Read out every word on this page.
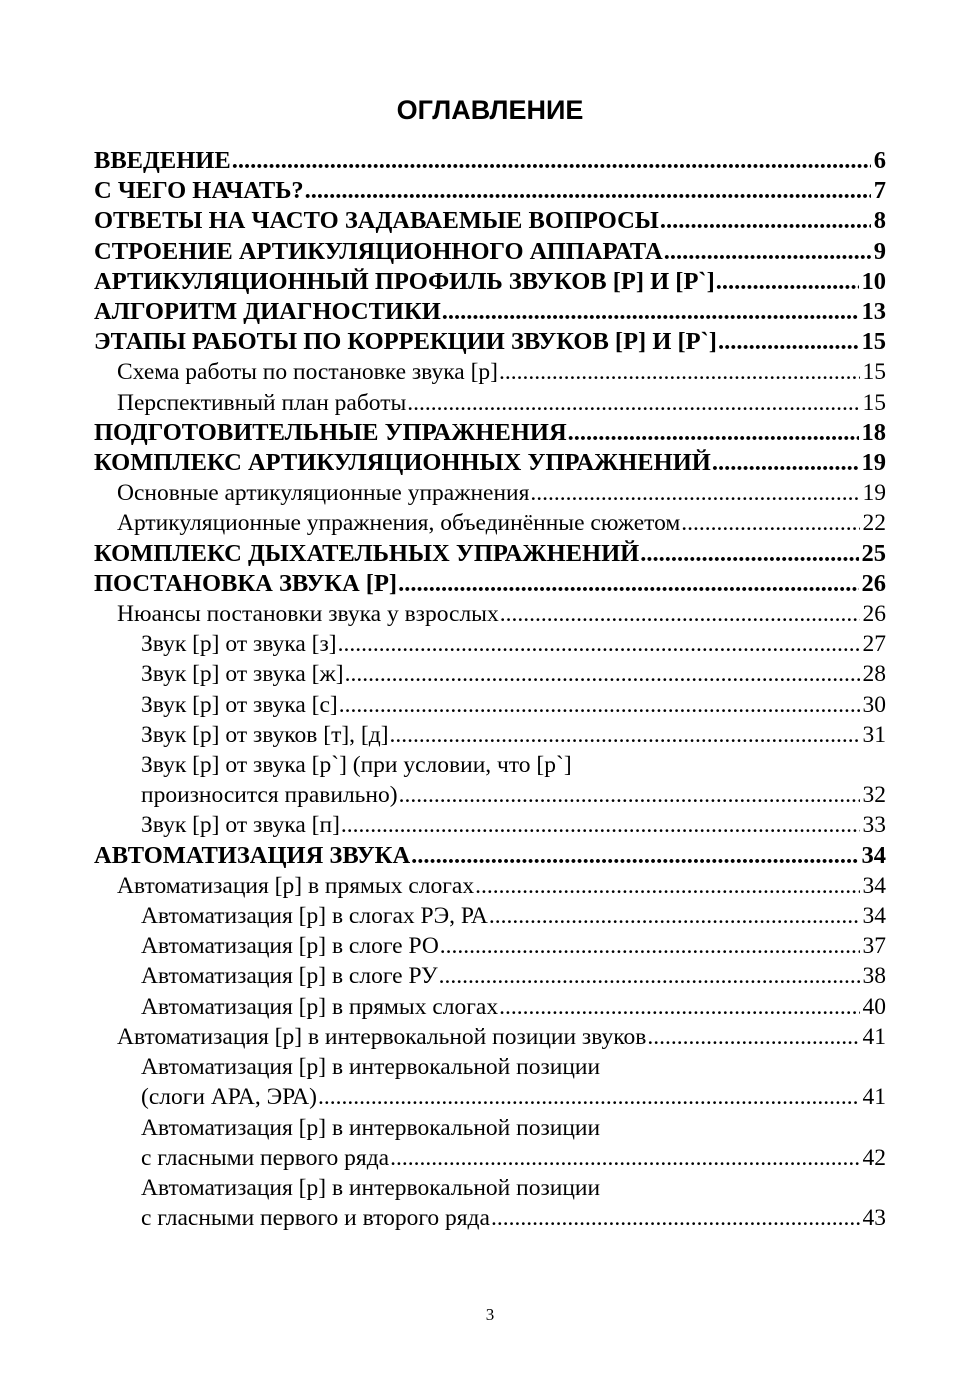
ОГЛАВЛЕНИЕ
ВВЕДЕНИЕ .....	6
С ЧЕГО НАЧАТЬ? .....	7
ОТВЕТЫ НА ЧАСТО ЗАДАВАЕМЫЕ ВОПРОСЫ .....	8
СТРОЕНИЕ АРТИКУЛЯЦИОННОГО АППАРАТА .....	9
АРТИКУЛЯЦИОННЫЙ ПРОФИЛЬ ЗВУКОВ [Р] И [Р`] .....	10
АЛГОРИТМ ДИАГНОСТИКИ .....	13
ЭТАПЫ РАБОТЫ ПО КОРРЕКЦИИ ЗВУКОВ [Р] И [Р`] .....	15
Схема работы по постановке звука [р] .....	15
Перспективный план работы .....	15
ПОДГОТОВИТЕЛЬНЫЕ УПРАЖНЕНИЯ .....	18
КОМПЛЕКС АРТИКУЛЯЦИОННЫХ УПРАЖНЕНИЙ .....	19
Основные артикуляционные упражнения .....	19
Артикуляционные упражнения, объединённые сюжетом .....	22
КОМПЛЕКС ДЫХАТЕЛЬНЫХ УПРАЖНЕНИЙ .....	25
ПОСТАНОВКА ЗВУКА [Р] .....	26
Нюансы постановки звука у взрослых .....	26
Звук [р] от звука [з] .....	27
Звук [р] от звука [ж] .....	28
Звук [р] от звука [с] .....	30
Звук [р] от звуков [т], [д] .....	31
Звук [р] от звука [р`] (при условии, что [р`]
произносится правильно) .....	32
Звук [р] от звука [п] .....	33
АВТОМАТИЗАЦИЯ ЗВУКА .....	34
Автоматизация [р] в прямых слогах .....	34
Автоматизация [р] в слогах РЭ, РА .....	34
Автоматизация [р] в слоге РО .....	37
Автоматизация [р] в слоге РУ .....	38
Автоматизация [р] в прямых слогах .....	40
Автоматизация [р] в интервокальной позиции звуков .....	41
Автоматизация [р] в интервокальной позиции
(слоги АРА, ЭРА) .....	41
Автоматизация [р] в интервокальной позиции
с гласными первого ряда .....	42
Автоматизация [р] в интервокальной позиции
с гласными первого и второго ряда .....	43
3
